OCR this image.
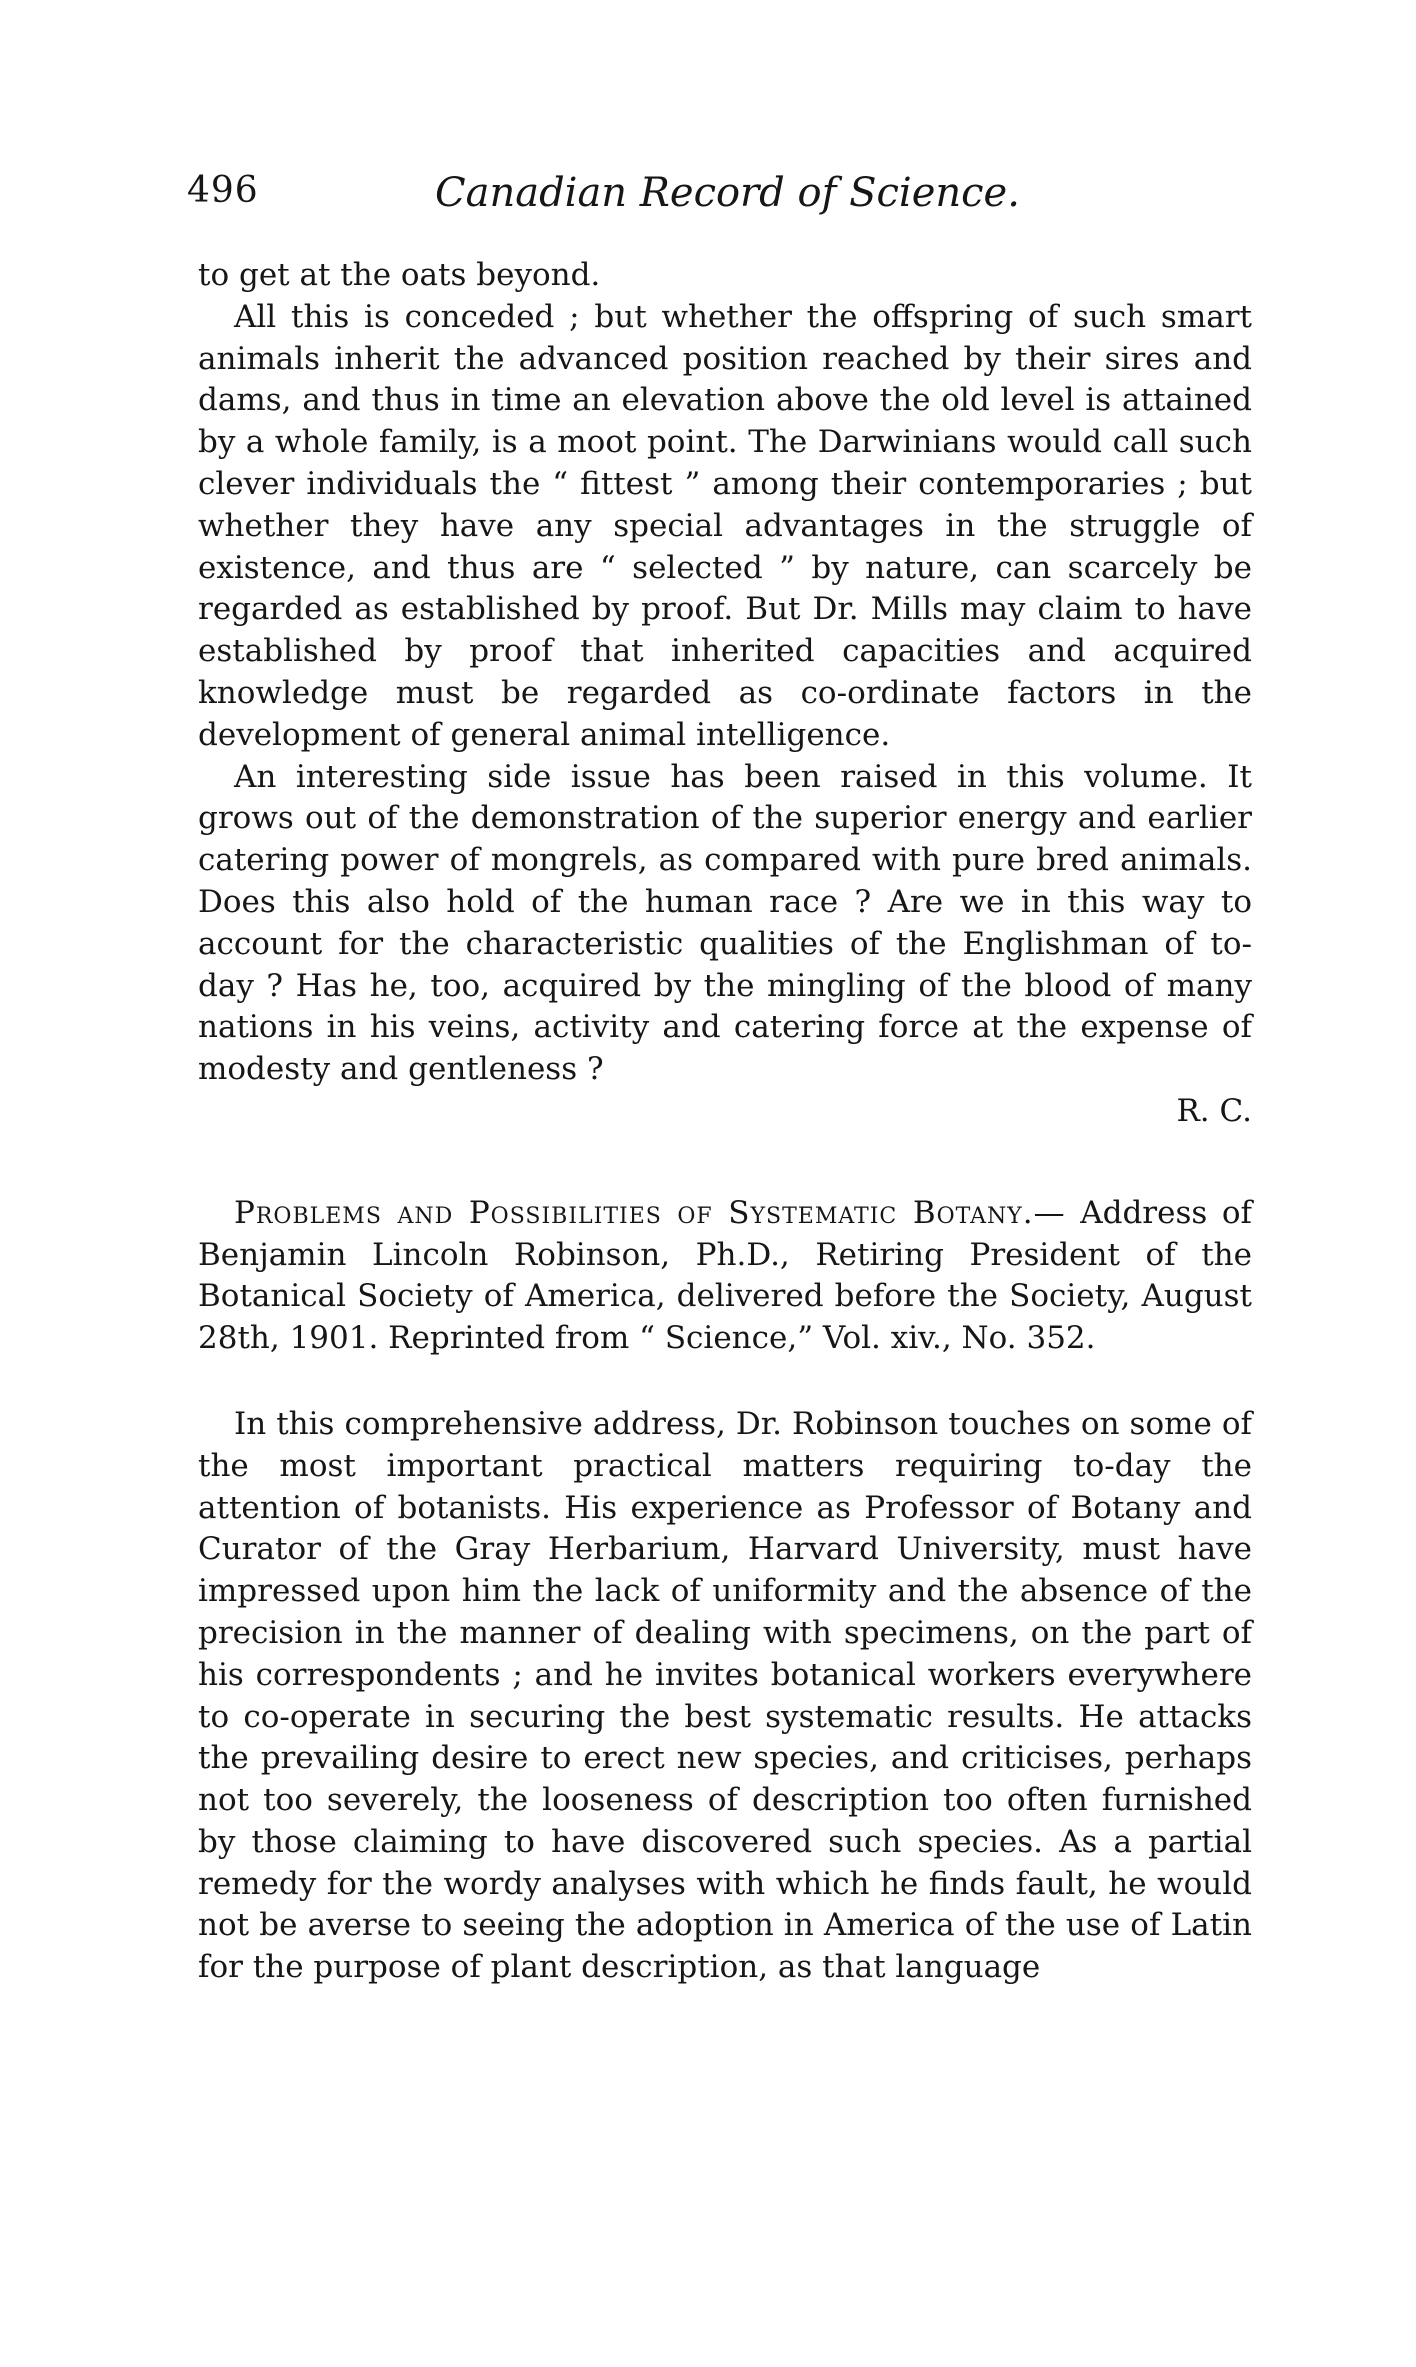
496	Canadian Record of Science.

to get at the oats beyond.

All this is conceded ; but whether the offspring of such smart animals inherit the advanced position reached by their sires and dams, and thus in time an elevation above the old level is attained by a whole family, is a moot point. The Darwinians would call such clever individuals the “ fittest ” among their contemporaries ; but whether they have any special advantages in the struggle of existence, and thus are “ selected ” by nature, can scarcely be regarded as established by proof. But Dr. Mills may claim to have established by proof that inherited capacities and acquired knowledge must be regarded as co-ordinate factors in the development of general animal intelligence.

An interesting side issue has been raised in this volume. It grows out of the demonstration of the superior energy and earlier catering power of mongrels, as compared with pure bred animals. Does this also hold of the human race ? Are we in this way to account for the characteristic qualities of the Englishman of to-day ? Has he, too, acquired by the mingling of the blood of many nations in his veins, activity and catering force at the expense of modesty and gentleness ?

R. C.

Problems and Possibilities of Systematic Botany.— Address of Benjamin Lincoln Robinson, Ph.D., Retiring President of the Botanical Society of America, delivered before the Society, August 28th, 1901. Reprinted from “ Science,” Vol. xiv., No. 352.

In this comprehensive address, Dr. Robinson touches on some of the most important practical matters requiring to-day the attention of botanists. His experience as Professor of Botany and Curator of the Gray Herbarium, Harvard University, must have impressed upon him the lack of uniformity and the absence of the precision in the manner of dealing with specimens, on the part of his correspondents ; and he invites botanical workers everywhere to co-operate in securing the best systematic results. He attacks the prevailing desire to erect new species, and criticises, perhaps not too severely, the looseness of description too often furnished by those claiming to have discovered such species. As a partial remedy for the wordy analyses with which he finds fault, he would not be averse to seeing the adoption in America of the use of Latin for the purpose of plant description, as that language
